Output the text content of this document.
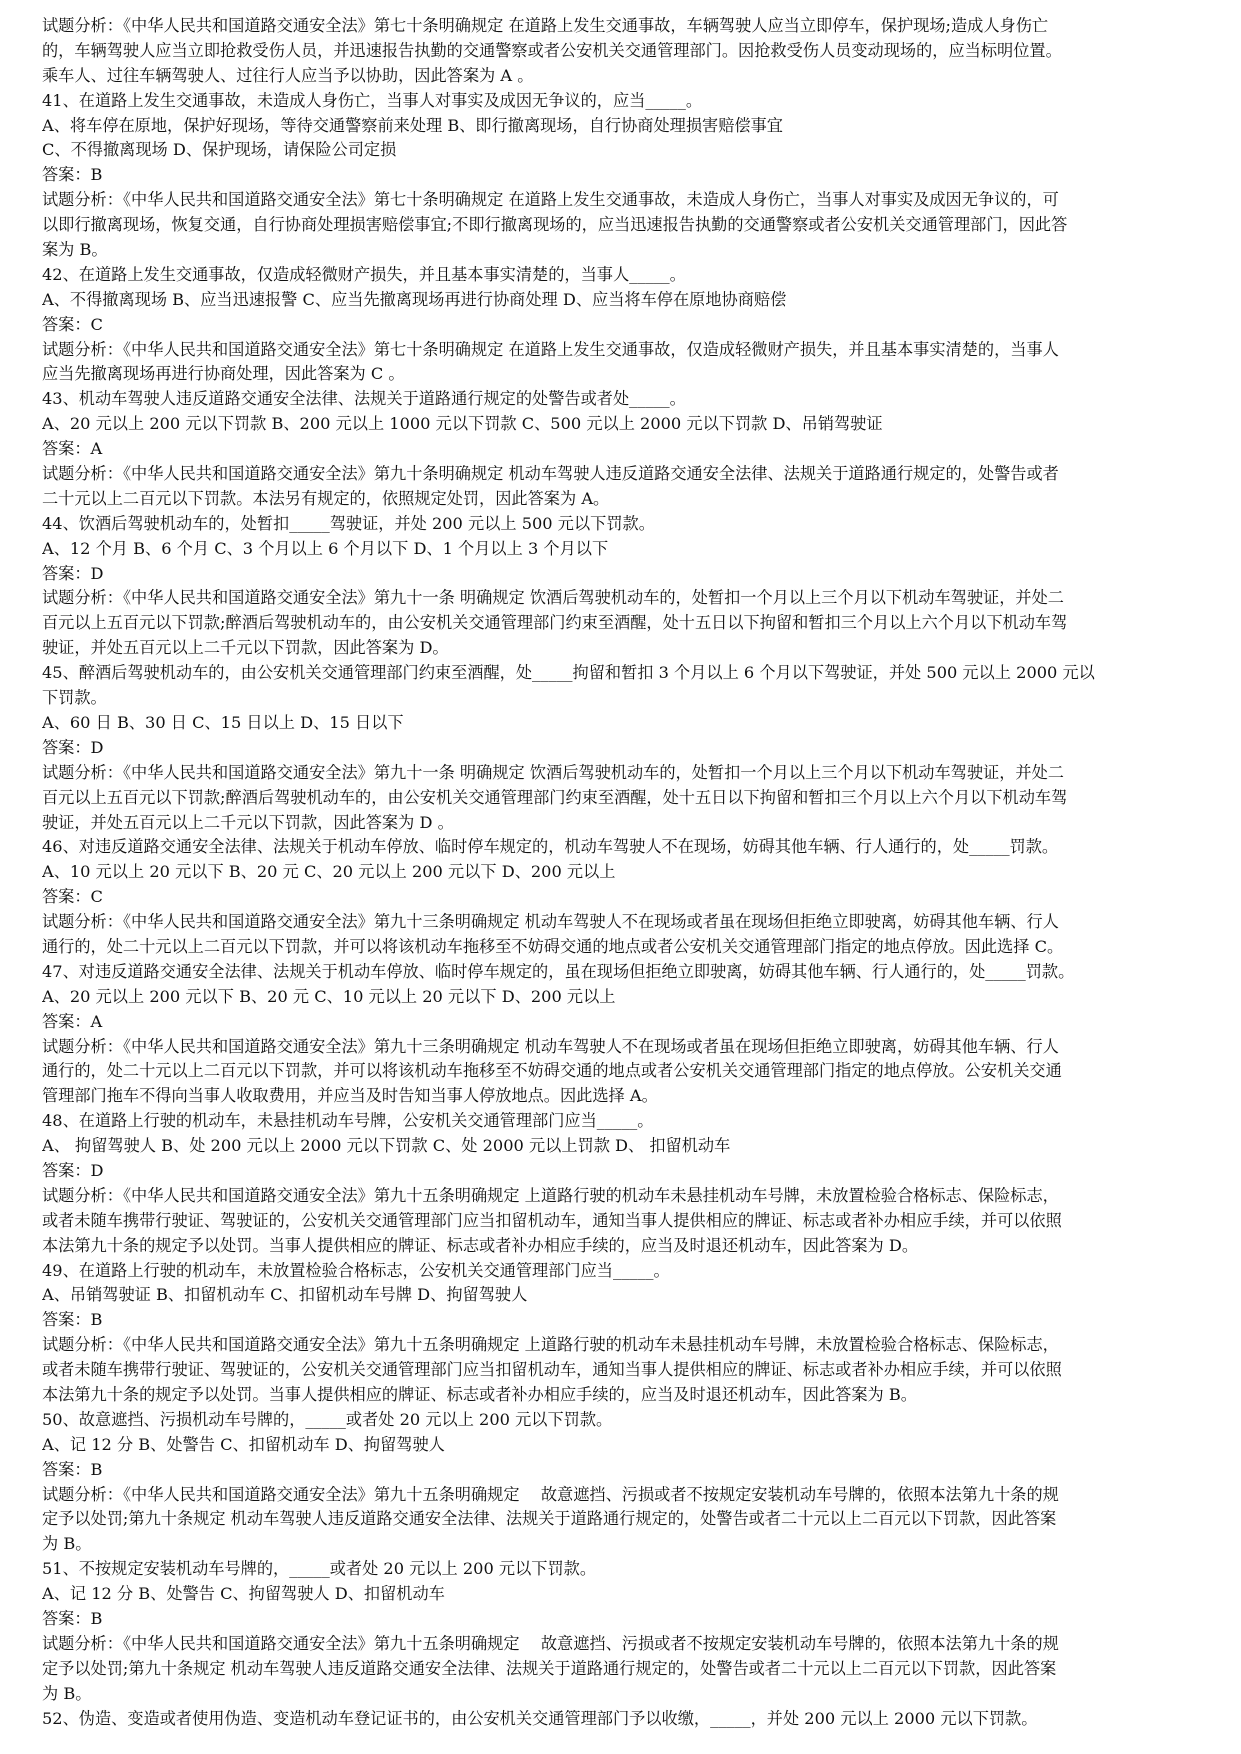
试题分析：《中华人民共和国道路交通安全法》第七十条明确规定 在道路上发生交通事故，车辆驾驶人应当立即停车，保护现场;造成人身伤亡
的，车辆驾驶人应当立即抢救受伤人员，并迅速报告执勤的交通警察或者公安机关交通管理部门。因抢救受伤人员变动现场的，应当标明位置。
乘车人、过往车辆驾驶人、过往行人应当予以协助，因此答案为 A 。
41、在道路上发生交通事故，未造成人身伤亡，当事人对事实及成因无争议的，应当_____。
A、将车停在原地，保护好现场，等待交通警察前来处理 B、即行撤离现场，自行协商处理损害赔偿事宜
C、不得撤离现场 D、保护现场，请保险公司定损
答案：B
试题分析：《中华人民共和国道路交通安全法》第七十条明确规定 在道路上发生交通事故，未造成人身伤亡，当事人对事实及成因无争议的，可
以即行撤离现场，恢复交通，自行协商处理损害赔偿事宜;不即行撤离现场的，应当迅速报告执勤的交通警察或者公安机关交通管理部门，因此答
案为 B。
42、在道路上发生交通事故，仅造成轻微财产损失，并且基本事实清楚的，当事人_____。
A、不得撤离现场 B、应当迅速报警 C、应当先撤离现场再进行协商处理 D、应当将车停在原地协商赔偿
答案：C
试题分析：《中华人民共和国道路交通安全法》第七十条明确规定 在道路上发生交通事故，仅造成轻微财产损失，并且基本事实清楚的，当事人
应当先撤离现场再进行协商处理，因此答案为 C 。
43、机动车驾驶人违反道路交通安全法律、法规关于道路通行规定的处警告或者处_____。
A、20 元以上 200 元以下罚款 B、200 元以上 1000 元以下罚款 C、500 元以上 2000 元以下罚款 D、吊销驾驶证
答案：A
试题分析：《中华人民共和国道路交通安全法》第九十条明确规定 机动车驾驶人违反道路交通安全法律、法规关于道路通行规定的，处警告或者
二十元以上二百元以下罚款。本法另有规定的，依照规定处罚，因此答案为 A。
44、饮酒后驾驶机动车的，处暂扣_____驾驶证，并处 200 元以上 500 元以下罚款。
A、12 个月 B、6 个月 C、3 个月以上 6 个月以下 D、1 个月以上 3 个月以下
答案：D
试题分析：《中华人民共和国道路交通安全法》第九十一条 明确规定 饮酒后驾驶机动车的，处暂扣一个月以上三个月以下机动车驾驶证，并处二
百元以上五百元以下罚款;醉酒后驾驶机动车的，由公安机关交通管理部门约束至酒醒，处十五日以下拘留和暂扣三个月以上六个月以下机动车驾
驶证，并处五百元以上二千元以下罚款，因此答案为 D。
45、醉酒后驾驶机动车的，由公安机关交通管理部门约束至酒醒，处_____拘留和暂扣 3 个月以上 6 个月以下驾驶证，并处 500 元以上 2000 元以
下罚款。
A、60 日 B、30 日 C、15 日以上 D、15 日以下
答案：D
试题分析：《中华人民共和国道路交通安全法》第九十一条 明确规定 饮酒后驾驶机动车的，处暂扣一个月以上三个月以下机动车驾驶证，并处二
百元以上五百元以下罚款;醉酒后驾驶机动车的，由公安机关交通管理部门约束至酒醒，处十五日以下拘留和暂扣三个月以上六个月以下机动车驾
驶证，并处五百元以上二千元以下罚款，因此答案为 D 。
46、对违反道路交通安全法律、法规关于机动车停放、临时停车规定的，机动车驾驶人不在现场，妨碍其他车辆、行人通行的，处_____罚款。
A、10 元以上 20 元以下 B、20 元 C、20 元以上 200 元以下 D、200 元以上
答案：C
试题分析：《中华人民共和国道路交通安全法》第九十三条明确规定 机动车驾驶人不在现场或者虽在现场但拒绝立即驶离，妨碍其他车辆、行人
通行的，处二十元以上二百元以下罚款，并可以将该机动车拖移至不妨碍交通的地点或者公安机关交通管理部门指定的地点停放。因此选择 C。
47、对违反道路交通安全法律、法规关于机动车停放、临时停车规定的，虽在现场但拒绝立即驶离，妨碍其他车辆、行人通行的，处_____罚款。
A、20 元以上 200 元以下 B、20 元 C、10 元以上 20 元以下 D、200 元以上
答案：A
试题分析：《中华人民共和国道路交通安全法》第九十三条明确规定 机动车驾驶人不在现场或者虽在现场但拒绝立即驶离，妨碍其他车辆、行人
通行的，处二十元以上二百元以下罚款，并可以将该机动车拖移至不妨碍交通的地点或者公安机关交通管理部门指定的地点停放。公安机关交通
管理部门拖车不得向当事人收取费用，并应当及时告知当事人停放地点。因此选择 A。
48、在道路上行驶的机动车，未悬挂机动车号牌，公安机关交通管理部门应当_____。
A、 拘留驾驶人 B、处 200 元以上 2000 元以下罚款 C、处 2000 元以上罚款 D、 扣留机动车
答案：D
试题分析：《中华人民共和国道路交通安全法》第九十五条明确规定 上道路行驶的机动车未悬挂机动车号牌，未放置检验合格标志、保险标志，
或者未随车携带行驶证、驾驶证的，公安机关交通管理部门应当扣留机动车，通知当事人提供相应的牌证、标志或者补办相应手续，并可以依照
本法第九十条的规定予以处罚。当事人提供相应的牌证、标志或者补办相应手续的，应当及时退还机动车，因此答案为 D。
49、在道路上行驶的机动车，未放置检验合格标志，公安机关交通管理部门应当_____。
A、吊销驾驶证 B、扣留机动车 C、扣留机动车号牌 D、拘留驾驶人
答案：B
试题分析：《中华人民共和国道路交通安全法》第九十五条明确规定 上道路行驶的机动车未悬挂机动车号牌，未放置检验合格标志、保险标志，
或者未随车携带行驶证、驾驶证的，公安机关交通管理部门应当扣留机动车，通知当事人提供相应的牌证、标志或者补办相应手续，并可以依照
本法第九十条的规定予以处罚。当事人提供相应的牌证、标志或者补办相应手续的，应当及时退还机动车，因此答案为 B。
50、故意遮挡、污损机动车号牌的，_____或者处 20 元以上 200 元以下罚款。
A、记 12 分 B、处警告 C、扣留机动车 D、拘留驾驶人
答案：B
试题分析：《中华人民共和国道路交通安全法》第九十五条明确规定 　故意遮挡、污损或者不按规定安装机动车号牌的，依照本法第九十条的规
定予以处罚;第九十条规定 机动车驾驶人违反道路交通安全法律、法规关于道路通行规定的，处警告或者二十元以上二百元以下罚款，因此答案
为 B。
51、不按规定安装机动车号牌的，_____或者处 20 元以上 200 元以下罚款。
A、记 12 分 B、处警告 C、拘留驾驶人 D、扣留机动车
答案：B
试题分析：《中华人民共和国道路交通安全法》第九十五条明确规定 　故意遮挡、污损或者不按规定安装机动车号牌的，依照本法第九十条的规
定予以处罚;第九十条规定 机动车驾驶人违反道路交通安全法律、法规关于道路通行规定的，处警告或者二十元以上二百元以下罚款，因此答案
为 B。
52、伪造、变造或者使用伪造、变造机动车登记证书的，由公安机关交通管理部门予以收缴，_____，并处 200 元以上 2000 元以下罚款。
